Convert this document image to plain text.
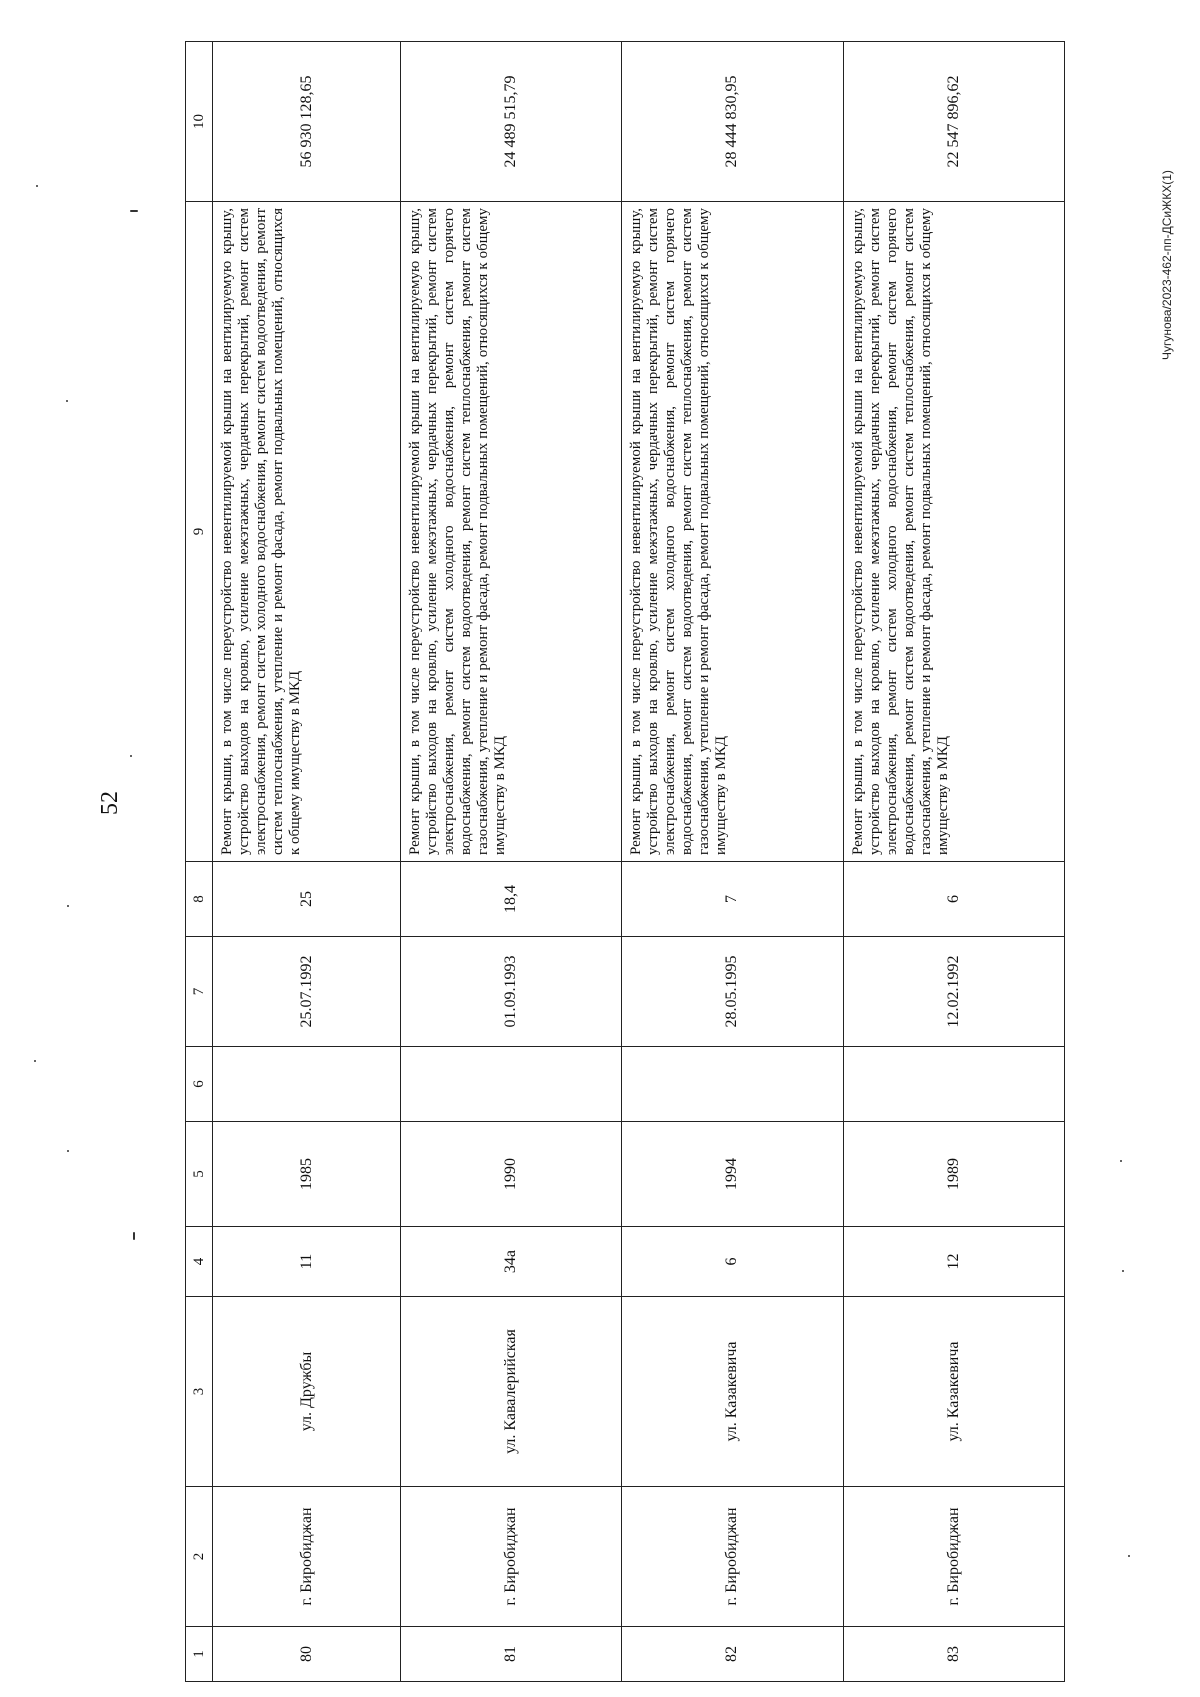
52
Чугунова/2023-462-пп-ДСиЖКХ(1)
1	2	3	4	5	6	7	8	9	10
80	г. Биробиджан	ул. Дружбы	11	1985		25.07.1992	25	Ремонт крыши, в том числе переустройство невентилируемой крыши на вентилируемую крышу, устройство выходов на кровлю, усиление межэтажных, чердачных перекрытий, ремонт систем электроснабжения, ремонт систем холодного водоснабжения, ремонт систем водоотведения, ремонт систем теплоснабжения, утепление и ремонт фасада, ремонт подвальных помещений, относящихся к общему имуществу в МКД	56 930 128,65
81	г. Биробиджан	ул. Кавалерийская	34а	1990		01.09.1993	18,4	Ремонт крыши, в том числе переустройство невентилируемой крыши на вентилируемую крышу, устройство выходов на кровлю, усиление межэтажных, чердачных перекрытий, ремонт систем электроснабжения, ремонт систем холодного водоснабжения, ремонт систем горячего водоснабжения, ремонт систем водоотведения, ремонт систем теплоснабжения, ремонт систем газоснабжения, утепление и ремонт фасада, ремонт подвальных помещений, относящихся к общему имуществу в МКД	24 489 515,79
82	г. Биробиджан	ул. Казакевича	6	1994		28.05.1995	7	Ремонт крыши, в том числе переустройство невентилируемой крыши на вентилируемую крышу, устройство выходов на кровлю, усиление межэтажных, чердачных перекрытий, ремонт систем электроснабжения, ремонт систем холодного водоснабжения, ремонт систем горячего водоснабжения, ремонт систем водоотведения, ремонт систем теплоснабжения, ремонт систем газоснабжения, утепление и ремонт фасада, ремонт подвальных помещений, относящихся к общему имуществу в МКД	28 444 830,95
83	г. Биробиджан	ул. Казакевича	12	1989		12.02.1992	6	Ремонт крыши, в том числе переустройство невентилируемой крыши на вентилируемую крышу, устройство выходов на кровлю, усиление межэтажных, чердачных перекрытий, ремонт систем электроснабжения, ремонт систем холодного водоснабжения, ремонт систем горячего водоснабжения, ремонт систем водоотведения, ремонт систем теплоснабжения, ремонт систем газоснабжения, утепление и ремонт фасада, ремонт подвальных помещений, относящихся к общему имуществу в МКД	22 547 896,62
